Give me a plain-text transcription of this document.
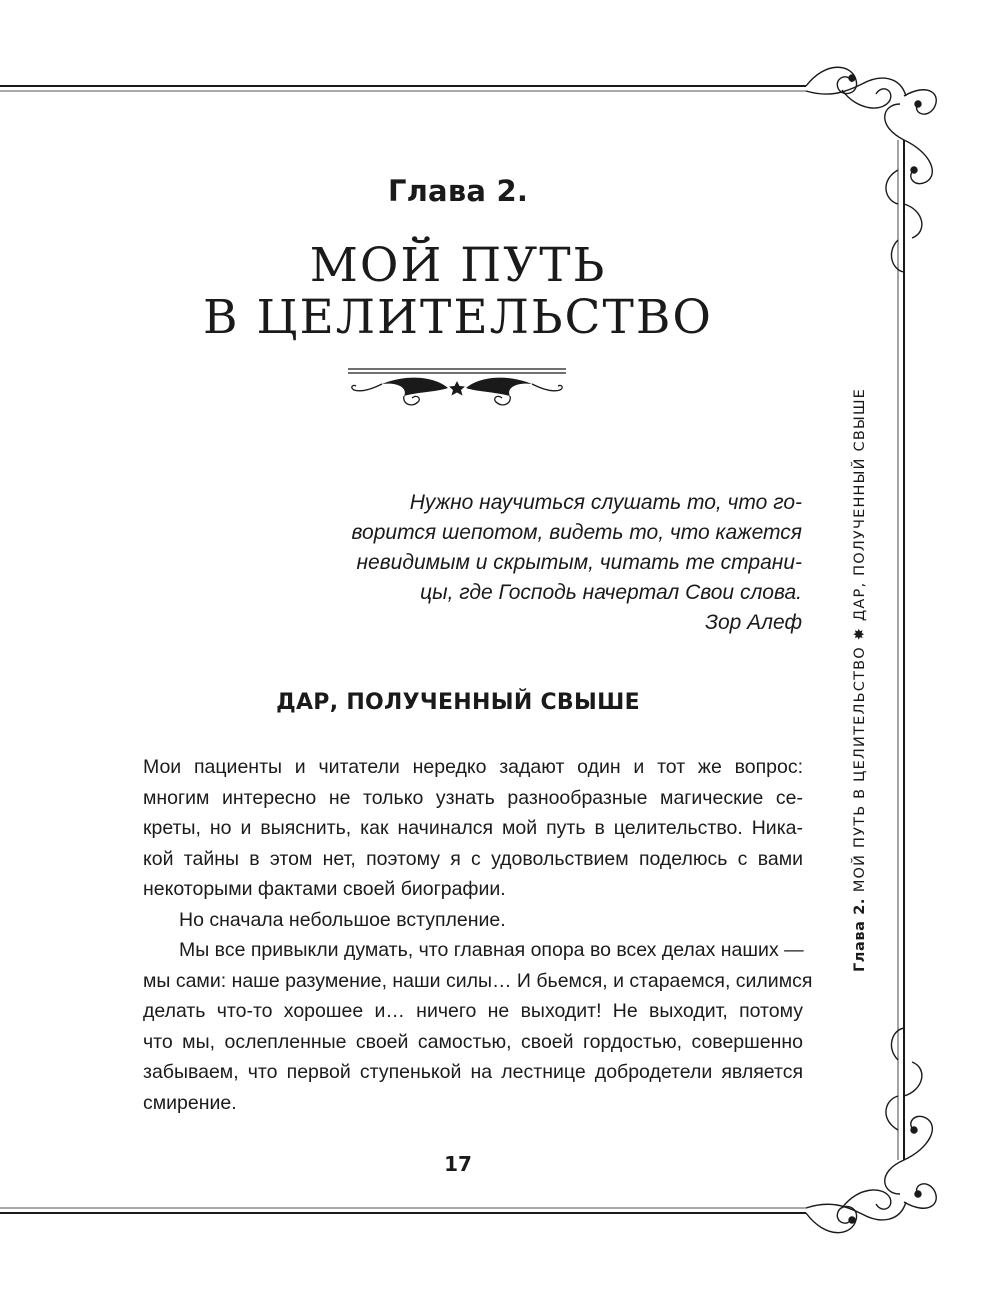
Глава 2.
МОЙ ПУТЬ
В ЦЕЛИТЕЛЬСТВО

Нужно научиться слушать то, что го-

ворится шепотом, видеть то, что кажется

невидимым и скрытым, читать те страни-

цы, где Господь начертал Свои слова.

Зор Алеф

ДАР, ПОЛУЧЕННЫЙ СВЫШЕ
Мои пациенты и читатели нередко задают один и тот же вопрос:
многим интересно не только узнать разнообразные магические се-
креты, но и выяснить, как начинался мой путь в целительство. Ника-
кой тайны в этом нет, поэтому я с удовольствием поделюсь с вами
некоторыми фактами своей биографии.
Но сначала небольшое вступление.
Мы все привыкли думать, что главная опора во всех делах наших —
мы сами: наше разумение, наши силы… И бьемся, и стараемся, силимся
делать что-то хорошее и… ничего не выходит! Не выходит, потому
что мы, ослепленные своей самостью, своей гордостью, совершенно
забываем, что первой ступенькой на лестнице добродетели является
смирение.
17
Глава 2. МОЙ ПУТЬ В ЦЕЛИТЕЛЬСТВО ✸ ДАР, ПОЛУЧЕННЫЙ СВЫШЕ
